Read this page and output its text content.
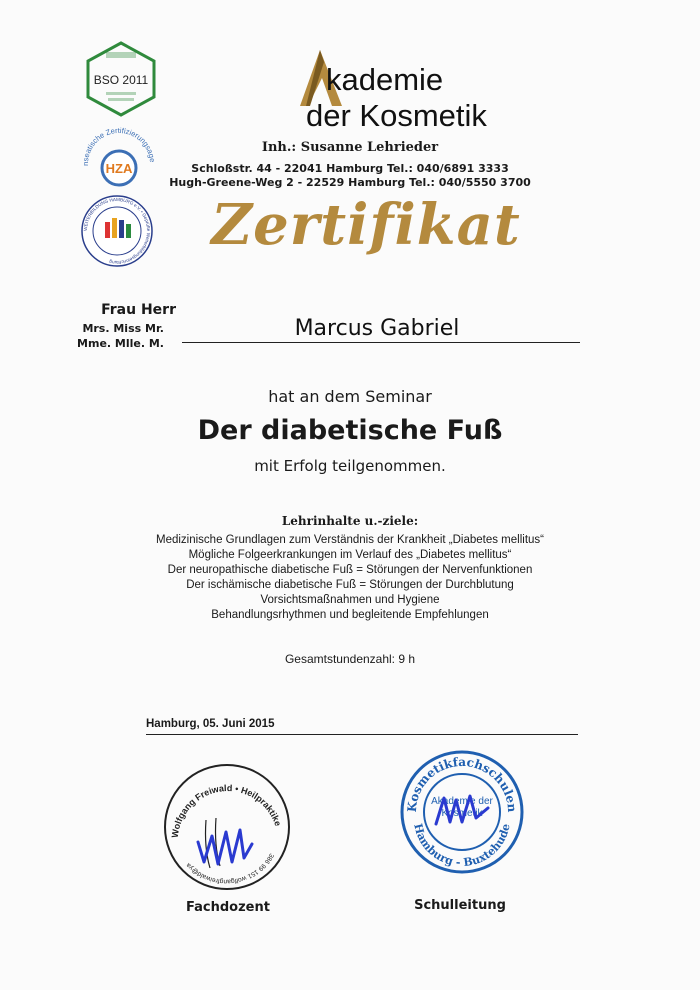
BSO 2011
nseatische Zertifizierungsage
HZA
WEITERBILDUNG HAMBURG e.V. • Geprüfte Weiterbildungseinrichtung
kademie
der Kosmetik
Inh.: Susanne Lehrieder
Schloßstr. 44 - 22041 Hamburg Tel.: 040/6891 3333
Hugh-Greene-Weg 2 - 22529 Hamburg Tel.: 040/5550 3700
Zertifikat
Frau Herr
Mrs. Miss Mr.
Mme. Mlle. M.
Marcus Gabriel
hat an dem Seminar
Der diabetische Fuß
mit Erfolg teilgenommen.
Lehrinhalte u.-ziele:
Medizinische Grundlagen zum Verständnis der Krankheit „Diabetes mellitus“
Mögliche Folgeerkrankungen im Verlauf des „Diabetes mellitus“
Der neuropathische diabetische Fuß = Störungen der Nervenfunktionen
Der ischämische diabetische Fuß = Störungen der Durchblutung
Vorsichtsmaßnahmen und Hygiene
Behandlungsrhythmen und begleitende Empfehlungen
Gesamtstundenzahl: 9 h
Hamburg, 05. Juni 2015
Wolfgang Freiwald • Heilpraktike
386 99 151 wolfgangfreiwald@ya
Kosmetikfachschulen
Hamburg - Buxtehude
Akademie der Kosmetik
Fachdozent	Schulleitung
